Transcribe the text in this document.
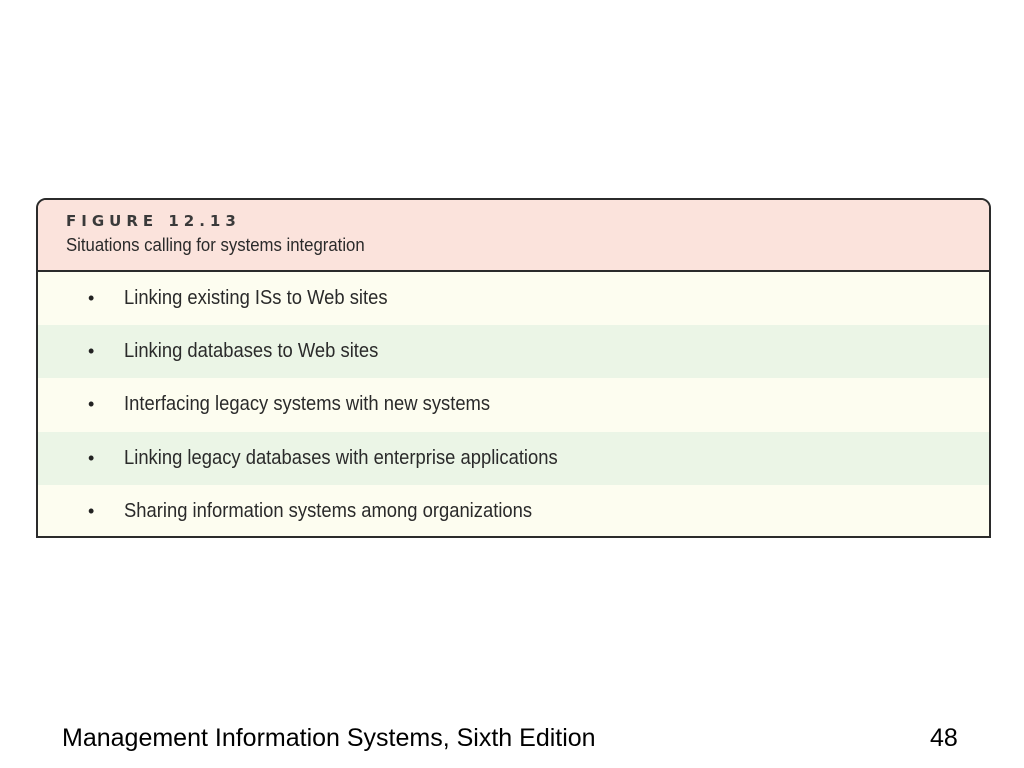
FIGURE 12.13
Situations calling for systems integration
• Linking existing ISs to Web sites
• Linking databases to Web sites
• Interfacing legacy systems with new systems
• Linking legacy databases with enterprise applications
• Sharing information systems among organizations
Management Information Systems, Sixth Edition	48
